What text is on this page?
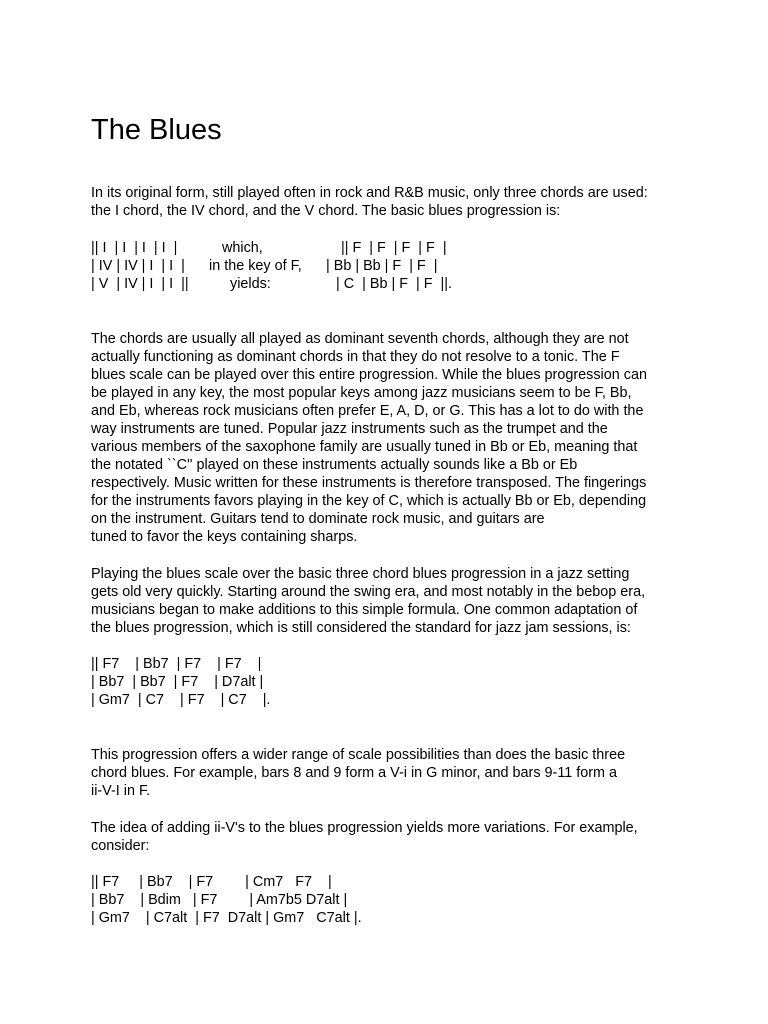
The Blues

In its original form, still played often in rock and R&B music, only three chords are used:
the I chord, the IV chord, and the V chord. The basic blues progression is:

|| I  | I  | I  | I  |
| IV | IV | I  | I  |
| V  | IV | I  | I  ||
which,
in the key of F,
yields:
|| F  | F  | F  | F  |
| Bb | Bb | F  | F  |
| C  | Bb | F  | F  ||.

The chords are usually all played as dominant seventh chords, although they are not
actually functioning as dominant chords in that they do not resolve to a tonic. The F
blues scale can be played over this entire progression. While the blues progression can
be played in any key, the most popular keys among jazz musicians seem to be F, Bb,
and Eb, whereas rock musicians often prefer E, A, D, or G. This has a lot to do with the
way instruments are tuned. Popular jazz instruments such as the trumpet and the
various members of the saxophone family are usually tuned in Bb or Eb, meaning that
the notated ``C'' played on these instruments actually sounds like a Bb or Eb
respectively. Music written for these instruments is therefore transposed. The fingerings
for the instruments favors playing in the key of C, which is actually Bb or Eb, depending
on the instrument. Guitars tend to dominate rock music, and guitars are
tuned to favor the keys containing sharps.

Playing the blues scale over the basic three chord blues progression in a jazz setting
gets old very quickly. Starting around the swing era, and most notably in the bebop era,
musicians began to make additions to this simple formula. One common adaptation of
the blues progression, which is still considered the standard for jazz jam sessions, is:

|| F7    | Bb7  | F7    | F7    |
| Bb7  | Bb7  | F7    | D7alt |
| Gm7  | C7    | F7    | C7    |.

This progression offers a wider range of scale possibilities than does the basic three
chord blues. For example, bars 8 and 9 form a V-i in G minor, and bars 9-11 form a
ii-V-I in F.

The idea of adding ii-V's to the blues progression yields more variations. For example,
consider:

|| F7     | Bb7    | F7        | Cm7   F7    |
| Bb7    | Bdim   | F7        | Am7b5 D7alt |
| Gm7    | C7alt  | F7  D7alt | Gm7   C7alt |.
